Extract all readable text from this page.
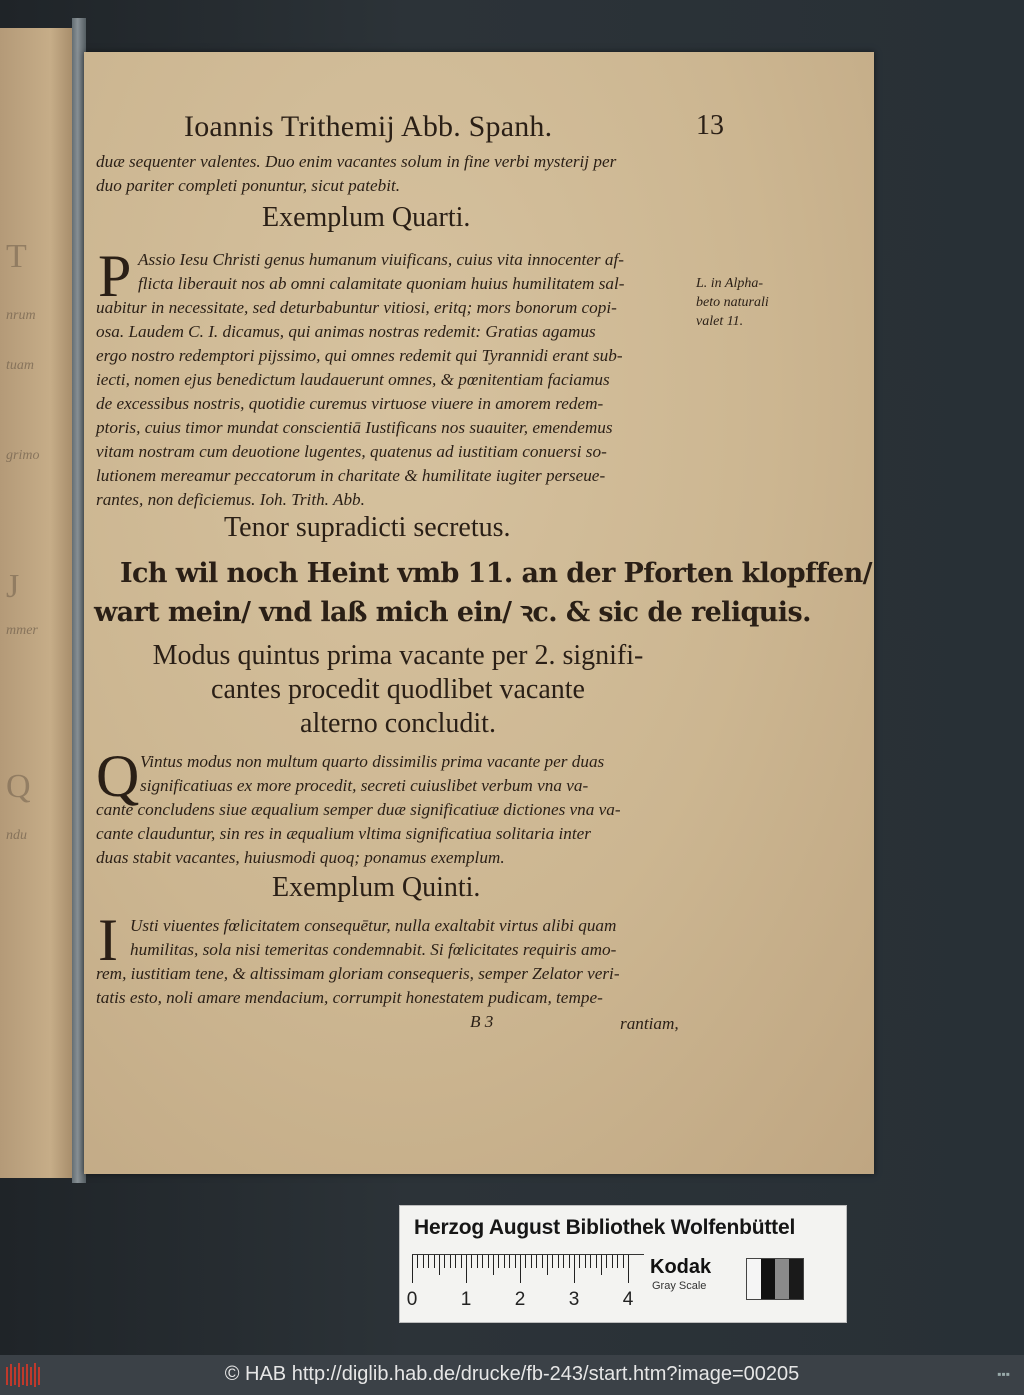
T
nrum
tuam
grimo
J
mmer
Q
ndu
Ioannis Trithemij Abb. Spanh.	13
duæ sequenter valentes. Duo enim vacantes solum in fine verbi mysterij per
duo pariter completi ponuntur, sicut patebit.
Exemplum Quarti.
P Assio Iesu Christi genus humanum viuificans, cuius vita innocenter af-
flicta liberauit nos ab omni calamitate quoniam huius humilitatem sal-
uabitur in necessitate, sed deturbabuntur vitiosi, eritq; mors bonorum copi-
osa. Laudem C. I. dicamus, qui animas nostras redemit: Gratias agamus
ergo nostro redemptori pijssimo, qui omnes redemit qui Tyrannidi erant sub-
iecti, nomen ejus benedictum laudauerunt omnes, & pœnitentiam faciamus
de excessibus nostris, quotidie curemus virtuose viuere in amorem redem-
ptoris, cuius timor mundat conscientiā Iustificans nos suauiter, emendemus
vitam nostram cum deuotione lugentes, quatenus ad iustitiam conuersi so-
lutionem mereamur peccatorum in charitate & humilitate iugiter perseue-
rantes, non deficiemus. Ioh. Trith. Abb.
L. in Alpha-
beto naturali
valet 11.
Tenor supradicti secretus.
Ich wil noch Heint vmb 11. an der Pforten klopffen/
wart mein/ vnd laß mich ein/ ꝛc. & sic de reliquis.
Modus quintus prima vacante per 2. signifi-
cantes procedit quodlibet vacante
alterno concludit.
Q Vintus modus non multum quarto dissimilis prima vacante per duas
significatiuas ex more procedit, secreti cuiuslibet verbum vna va-
cante concludens siue æqualium semper duæ significatiuæ dictiones vna va-
cante clauduntur, sin res in æqualium vltima significatiua solitaria inter
duas stabit vacantes, huiusmodi quoq; ponamus exemplum.
Exemplum Quinti.
I Usti viuentes fœlicitatem consequētur, nulla exaltabit virtus alibi quam
humilitas, sola nisi temeritas condemnabit. Si fœlicitates requiris amo-
rem, iustitiam tene, & altissimam gloriam consequeris, semper Zelator veri-
tatis esto, noli amare mendacium, corrumpit honestatem pudicam, tempe-
B 3	rantiam,
Herzog August Bibliothek Wolfenbüttel
0 1 2 3 4
Kodak
Gray Scale
© HAB http://diglib.hab.de/drucke/fb-243/start.htm?image=00205	▪▪▪
